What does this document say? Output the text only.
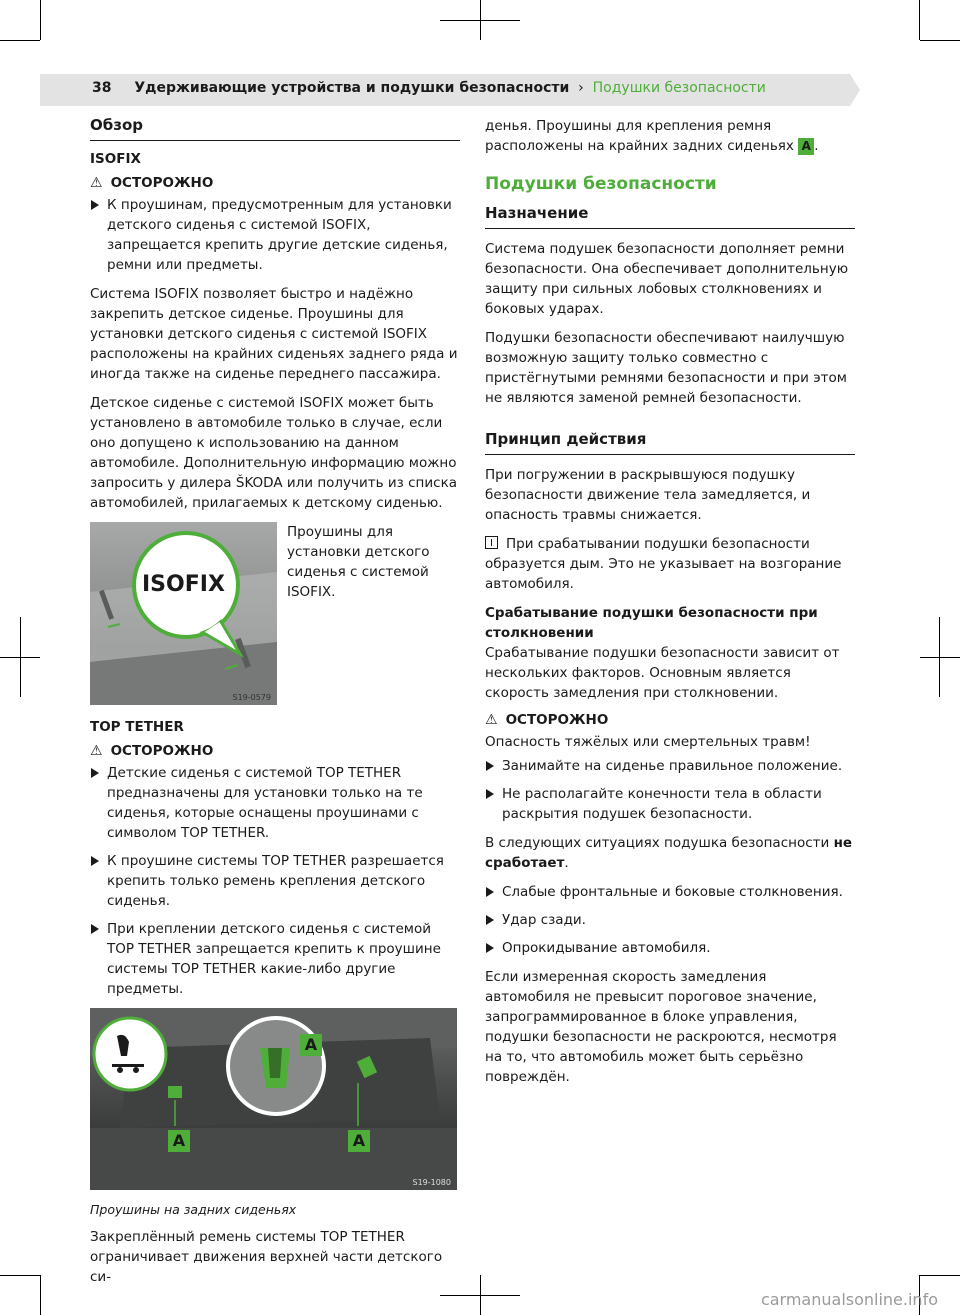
38 Удерживающие устройства и подушки безопасности › Подушки безопасности
Обзор
ISOFIX
⚠ ОСТОРОЖНО
К проушинам, предусмотренным для установки детского сиденья с системой ISOFIX, запрещается крепить другие детские сиденья, ремни или предметы.

Система ISOFIX позволяет быстро и надёжно закрепить детское сиденье. Проушины для установки детского сиденья с системой ISOFIX расположены на крайних сиденьях заднего ряда и иногда также на сиденье переднего пассажира.

Детское сиденье с системой ISOFIX может быть установлено в автомобиле только в случае, если оно допущено к использованию на данном автомобиле. Дополнительную информацию можно запросить у дилера ŠKODA или получить из списка автомобилей, прилагаемых к детскому сиденью.

ISOFIX
S19-0579

Проушины для установки детского сиденья с системой ISOFIX.

TOP TETHER
⚠ ОСТОРОЖНО
Детские сиденья с системой TOP TETHER предназначены для установки только на те сиденья, которые оснащены проушинами с символом TOP TETHER.
К проушине системы TOP TETHER разрешается крепить только ремень крепления детского сиденья.
При креплении детского сиденья с системой TOP TETHER запрещается крепить к проушине системы TOP TETHER какие-либо другие предметы.
A	A
A
S19-1080
Проушины на задних сиденьях

Закреплённый ремень системы TOP TETHER ограничивает движения верхней части детского си-

денья. Проушины для крепления ремня расположены на крайних задних сиденьях A .

Подушки безопасности
Назначение

Система подушек безопасности дополняет ремни безопасности. Она обеспечивает дополнительную защиту при сильных лобовых столкновениях и боковых ударах.

Подушки безопасности обеспечивают наилучшую возможную защиту только совместно с пристёгнутыми ремнями безопасности и при этом не являются заменой ремней безопасности.

Принцип действия

При погружении в раскрывшуюся подушку безопасности движение тела замедляется, и опасность травмы снижается.

При срабатывании подушки безопасности образуется дым. Это не указывает на возгорание автомобиля.

Срабатывание подушки безопасности при столкновении

Срабатывание подушки безопасности зависит от нескольких факторов. Основным является скорость замедления при столкновении.

⚠ ОСТОРОЖНО

Опасность тяжёлых или смертельных травм!

Занимайте на сиденье правильное положение.
Не располагайте конечности тела в области раскрытия подушек безопасности.

В следующих ситуациях подушка безопасности не сработает.

Слабые фронтальные и боковые столкновения.
Удар сзади.
Опрокидывание автомобиля.

Если измеренная скорость замедления автомобиля не превысит пороговое значение, запрограммированное в блоке управления, подушки безопасности не раскроются, несмотря на то, что автомобиль может быть серьёзно повреждён.

carmanualsonline.info
